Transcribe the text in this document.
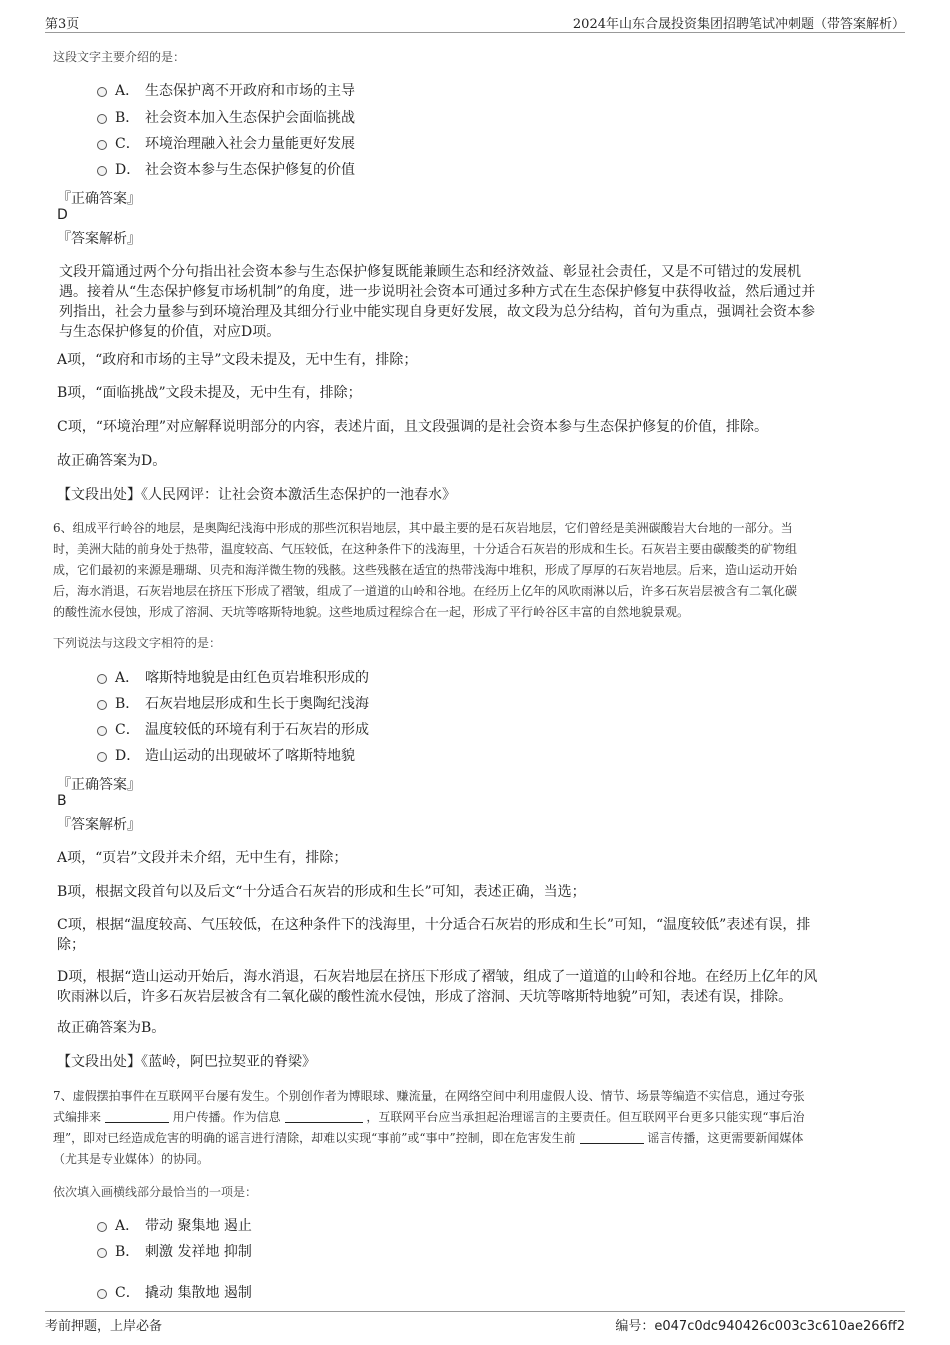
第3页	2024年山东合晟投资集团招聘笔试冲刺题（带答案解析）
这段文字主要介绍的是：
A． 生态保护离不开政府和市场的主导
B． 社会资本加入生态保护会面临挑战
C． 环境治理融入社会力量能更好发展
D． 社会资本参与生态保护修复的价值
『正确答案』
D
『答案解析』
文段开篇通过两个分句指出社会资本参与生态保护修复既能兼顾生态和经济效益、彰显社会责任，又是不可错过的发展机
遇。接着从“生态保护修复市场机制”的角度，进一步说明社会资本可通过多种方式在生态保护修复中获得收益，然后通过并
列指出，社会力量参与到环境治理及其细分行业中能实现自身更好发展，故文段为总分结构，首句为重点，强调社会资本参
与生态保护修复的价值，对应D项。
A项，“政府和市场的主导”文段未提及，无中生有，排除；
B项，“面临挑战”文段未提及，无中生有，排除；
C项，“环境治理”对应解释说明部分的内容，表述片面，且文段强调的是社会资本参与生态保护修复的价值，排除。
故正确答案为D。
【文段出处】《人民网评：让社会资本激活生态保护的一池春水》
6、组成平行岭谷的地层，是奥陶纪浅海中形成的那些沉积岩地层，其中最主要的是石灰岩地层，它们曾经是美洲碳酸岩大台地的一部分。当
时，美洲大陆的前身处于热带，温度较高、气压较低，在这种条件下的浅海里，十分适合石灰岩的形成和生长。石灰岩主要由碳酸类的矿物组
成，它们最初的来源是珊瑚、贝壳和海洋微生物的残骸。这些残骸在适宜的热带浅海中堆积，形成了厚厚的石灰岩地层。后来，造山运动开始
后，海水消退，石灰岩地层在挤压下形成了褶皱，组成了一道道的山岭和谷地。在经历上亿年的风吹雨淋以后，许多石灰岩层被含有二氧化碳
的酸性流水侵蚀，形成了溶洞、天坑等喀斯特地貌。这些地质过程综合在一起，形成了平行岭谷区丰富的自然地貌景观。
下列说法与这段文字相符的是：
A． 喀斯特地貌是由红色页岩堆积形成的
B． 石灰岩地层形成和生长于奥陶纪浅海
C． 温度较低的环境有利于石灰岩的形成
D． 造山运动的出现破坏了喀斯特地貌
『正确答案』
B
『答案解析』
A项，“页岩”文段并未介绍，无中生有，排除；
B项，根据文段首句以及后文“十分适合石灰岩的形成和生长”可知，表述正确，当选；
C项，根据“温度较高、气压较低，在这种条件下的浅海里，十分适合石灰岩的形成和生长”可知，“温度较低”表述有误，排
除；
D项，根据“造山运动开始后，海水消退，石灰岩地层在挤压下形成了褶皱，组成了一道道的山岭和谷地。在经历上亿年的风
吹雨淋以后，许多石灰岩层被含有二氧化碳的酸性流水侵蚀，形成了溶洞、天坑等喀斯特地貌”可知，表述有误，排除。
故正确答案为B。
【文段出处】《蓝岭，阿巴拉契亚的脊梁》
7、虚假摆拍事件在互联网平台屡有发生。个别创作者为博眼球、赚流量，在网络空间中利用虚假人设、情节、场景等编造不实信息，通过夸张
式编排来	用户传播。作为信息	，互联网平台应当承担起治理谣言的主要责任。但互联网平台更多只能实现“事后治
理”，即对已经造成危害的明确的谣言进行清除，却难以实现“事前”或“事中”控制，即在危害发生前	谣言传播，这更需要新闻媒体
（尤其是专业媒体）的协同。
依次填入画横线部分最恰当的一项是：
A． 带动 聚集地 遏止
B． 刺激 发祥地 抑制
C． 撬动 集散地 遏制
考前押题，上岸必备	编号：e047c0dc940426c003c3c610ae266ff2
